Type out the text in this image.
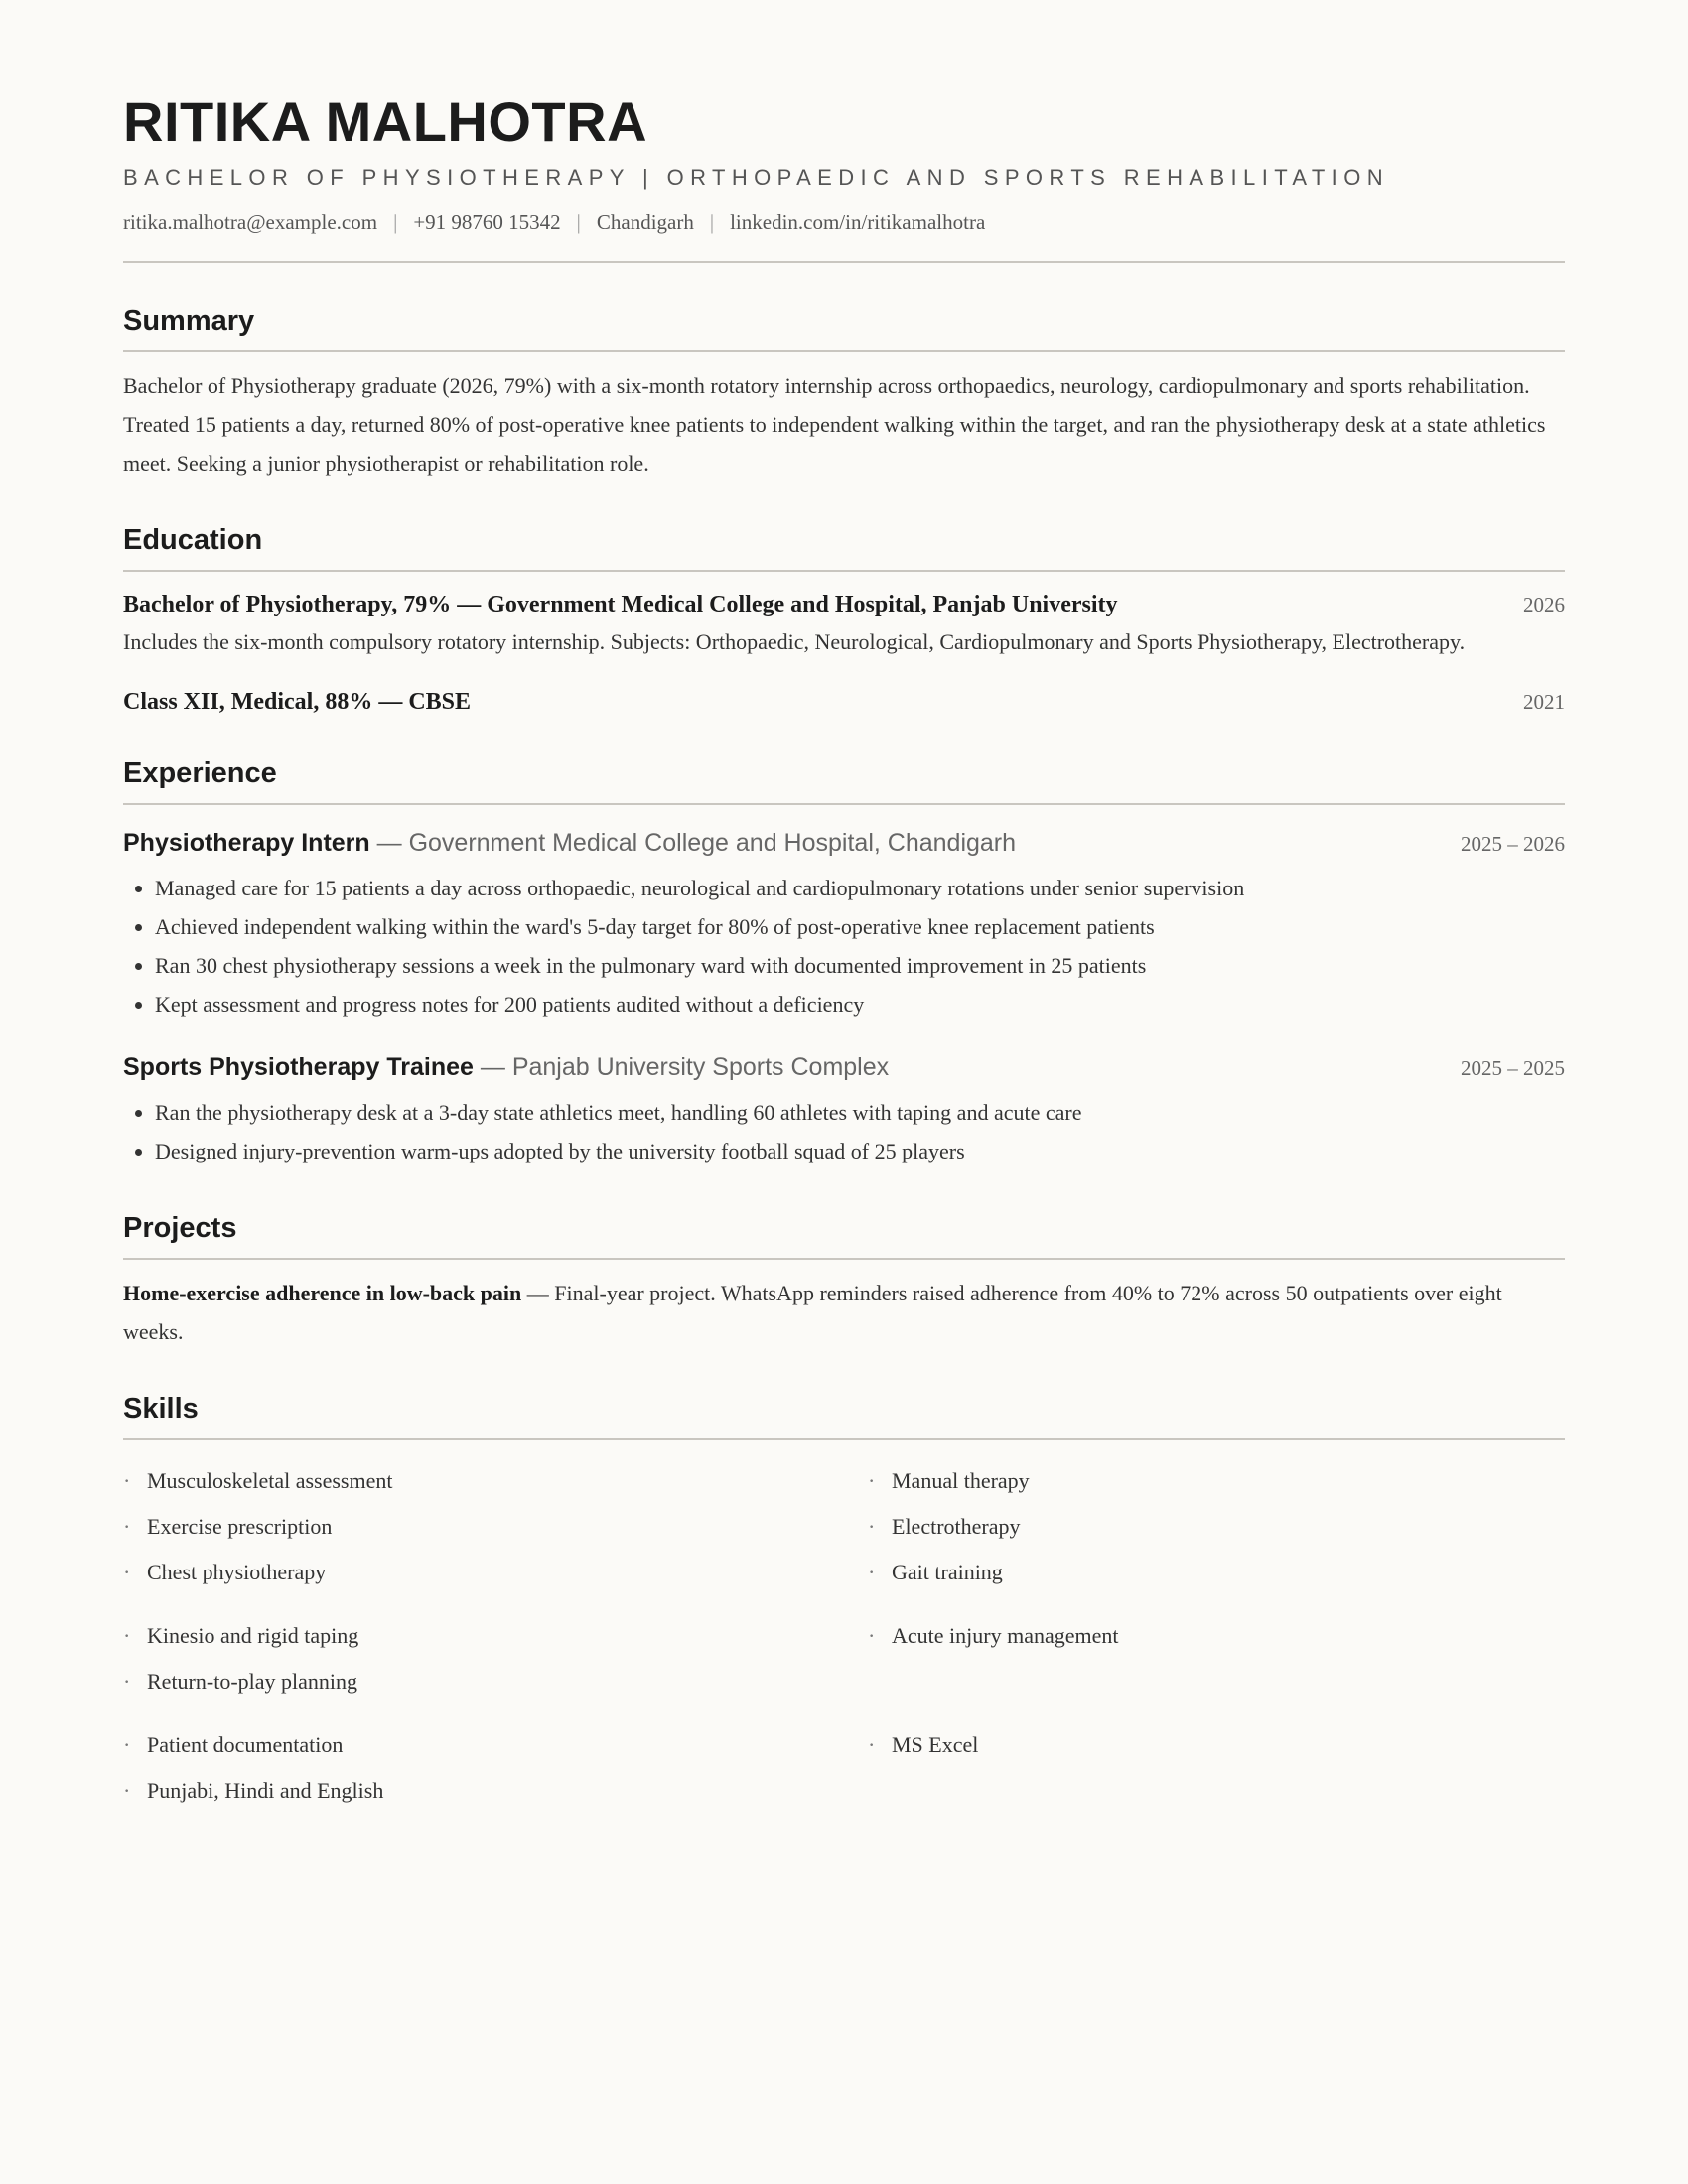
RITIKA MALHOTRA
BACHELOR OF PHYSIOTHERAPY | ORTHOPAEDIC AND SPORTS REHABILITATION
ritika.malhotra@example.com | +91 98760 15342 | Chandigarh | linkedin.com/in/ritikamalhotra
Summary

Bachelor of Physiotherapy graduate (2026, 79%) with a six-month rotatory internship across orthopaedics, neurology, cardiopulmonary and sports rehabilitation. Treated 15 patients a day, returned 80% of post-operative knee patients to independent walking within the target, and ran the physiotherapy desk at a state athletics meet. Seeking a junior physiotherapist or rehabilitation role.

Education
Bachelor of Physiotherapy, 79% — Government Medical College and Hospital, Panjab University	2026
Includes the six-month compulsory rotatory internship. Subjects: Orthopaedic, Neurological, Cardiopulmonary and Sports Physiotherapy, Electrotherapy.
Class XII, Medical, 88% — CBSE	2021
Experience
Physiotherapy Intern — Government Medical College and Hospital, Chandigarh	2025 – 2026
• Managed care for 15 patients a day across orthopaedic, neurological and cardiopulmonary rotations under senior supervision
• Achieved independent walking within the ward's 5-day target for 80% of post-operative knee replacement patients
• Ran 30 chest physiotherapy sessions a week in the pulmonary ward with documented improvement in 25 patients
• Kept assessment and progress notes for 200 patients audited without a deficiency
Sports Physiotherapy Trainee — Panjab University Sports Complex	2025 – 2025
• Ran the physiotherapy desk at a 3-day state athletics meet, handling 60 athletes with taping and acute care
• Designed injury-prevention warm-ups adopted by the university football squad of 25 players
Projects

Home-exercise adherence in low-back pain — Final-year project. WhatsApp reminders raised adherence from 40% to 72% across 50 outpatients over eight weeks.

Skills
· Musculoskeletal assessment	· Manual therapy
· Exercise prescription	· Electrotherapy
· Chest physiotherapy	· Gait training
· Kinesio and rigid taping	· Acute injury management
· Return-to-play planning
· Patient documentation	· MS Excel
· Punjabi, Hindi and English
